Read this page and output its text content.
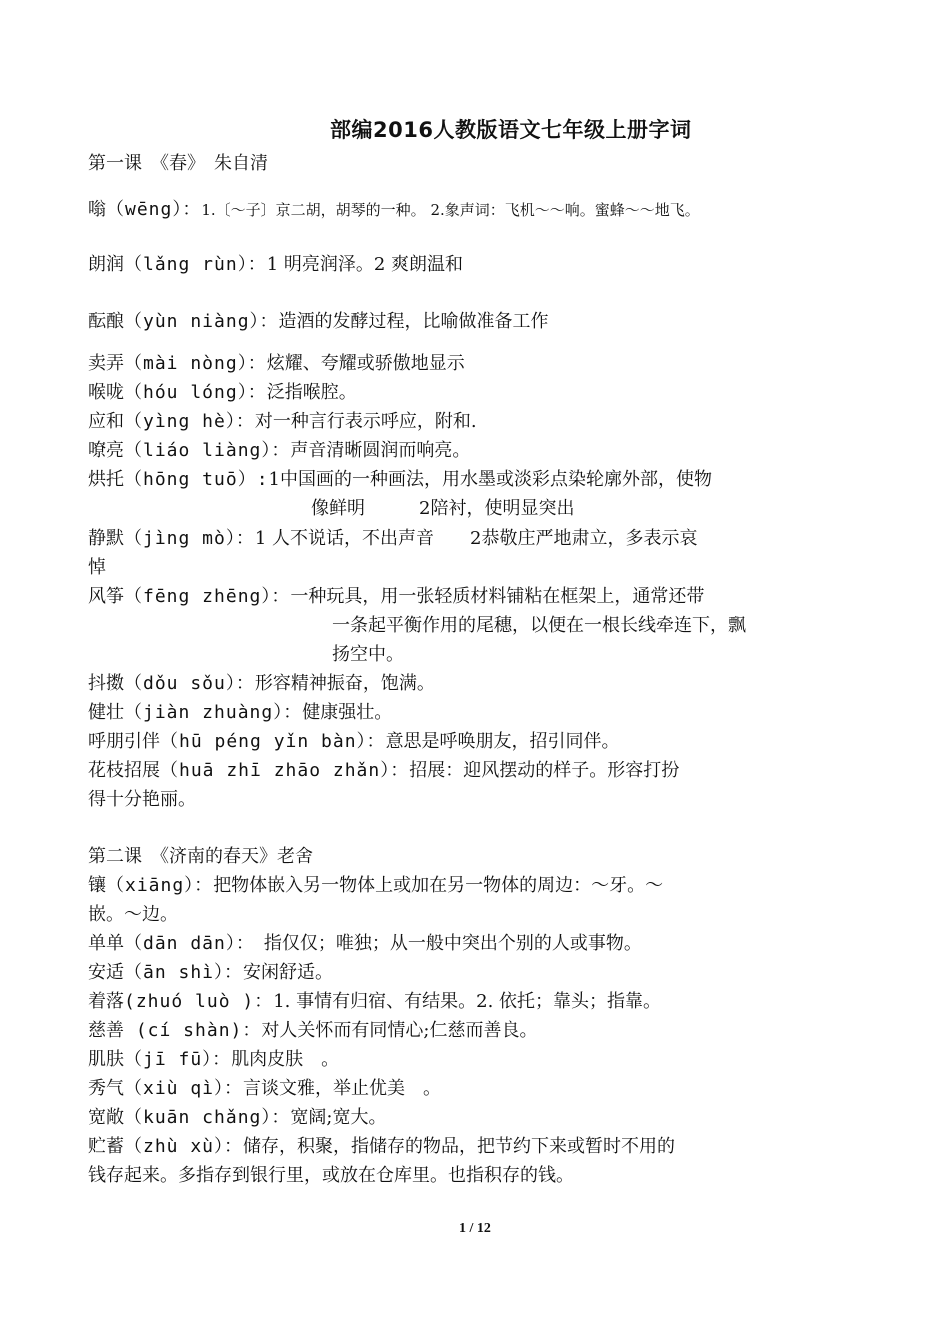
部编2016人教版语文七年级上册字词
第一课　《春》　朱自清
嗡（wēng）：1.〔～子〕京二胡，胡琴的一种。 2.象声词：飞机～～响。蜜蜂～～地飞。
朗润（lǎng rùn）：1 明亮润泽。2 爽朗温和
酝酿（yùn niàng）：造酒的发酵过程，比喻做准备工作
卖弄（mài nòng）：炫耀、夸耀或骄傲地显示
喉咙（hóu lóng）：泛指喉腔。
应和（yìng hè）：对一种言行表示呼应，附和.
嘹亮（liáo liàng）：声音清晰圆润而响亮。
烘托（hōng tuō）:1中国画的一种画法，用水墨或淡彩点染轮廓外部，使物
像鲜明　　　2陪衬，使明显突出
静默（jìng mò）：1 人不说话，不出声音　　2恭敬庄严地肃立，多表示哀
悼
风筝（fēng zhēng）：一种玩具，用一张轻质材料铺粘在框架上，通常还带
一条起平衡作用的尾穗，以便在一根长线牵连下，飘
扬空中。
抖擞（dǒu sǒu）：形容精神振奋，饱满。
健壮（jiàn zhuàng）：健康强壮。
呼朋引伴（hū péng yǐn bàn）：意思是呼唤朋友，招引同伴。
花枝招展（huā zhī zhāo zhǎn）：招展：迎风摆动的样子。形容打扮
得十分艳丽。
第二课　《济南的春天》老舍
镶（xiāng）：把物体嵌入另一物体上或加在另一物体的周边：～牙。～
嵌。～边。
单单（dān dān）：　指仅仅；唯独；从一般中突出个别的人或事物。
安适（ān shì）：安闲舒适。
着落(zhuó luò )：1. 事情有归宿、有结果。2. 依托；靠头；指靠。
慈善 (cí shàn)：对人关怀而有同情心;仁慈而善良。
肌肤（jī fū）：肌肉皮肤　。
秀气（xiù qì）：言谈文雅，举止优美　。
宽敞（kuān chǎng）：宽阔;宽大。
贮蓄（zhù xù）：储存，积聚，指储存的物品，把节约下来或暂时不用的
钱存起来。多指存到银行里，或放在仓库里。也指积存的钱。
1 / 12
